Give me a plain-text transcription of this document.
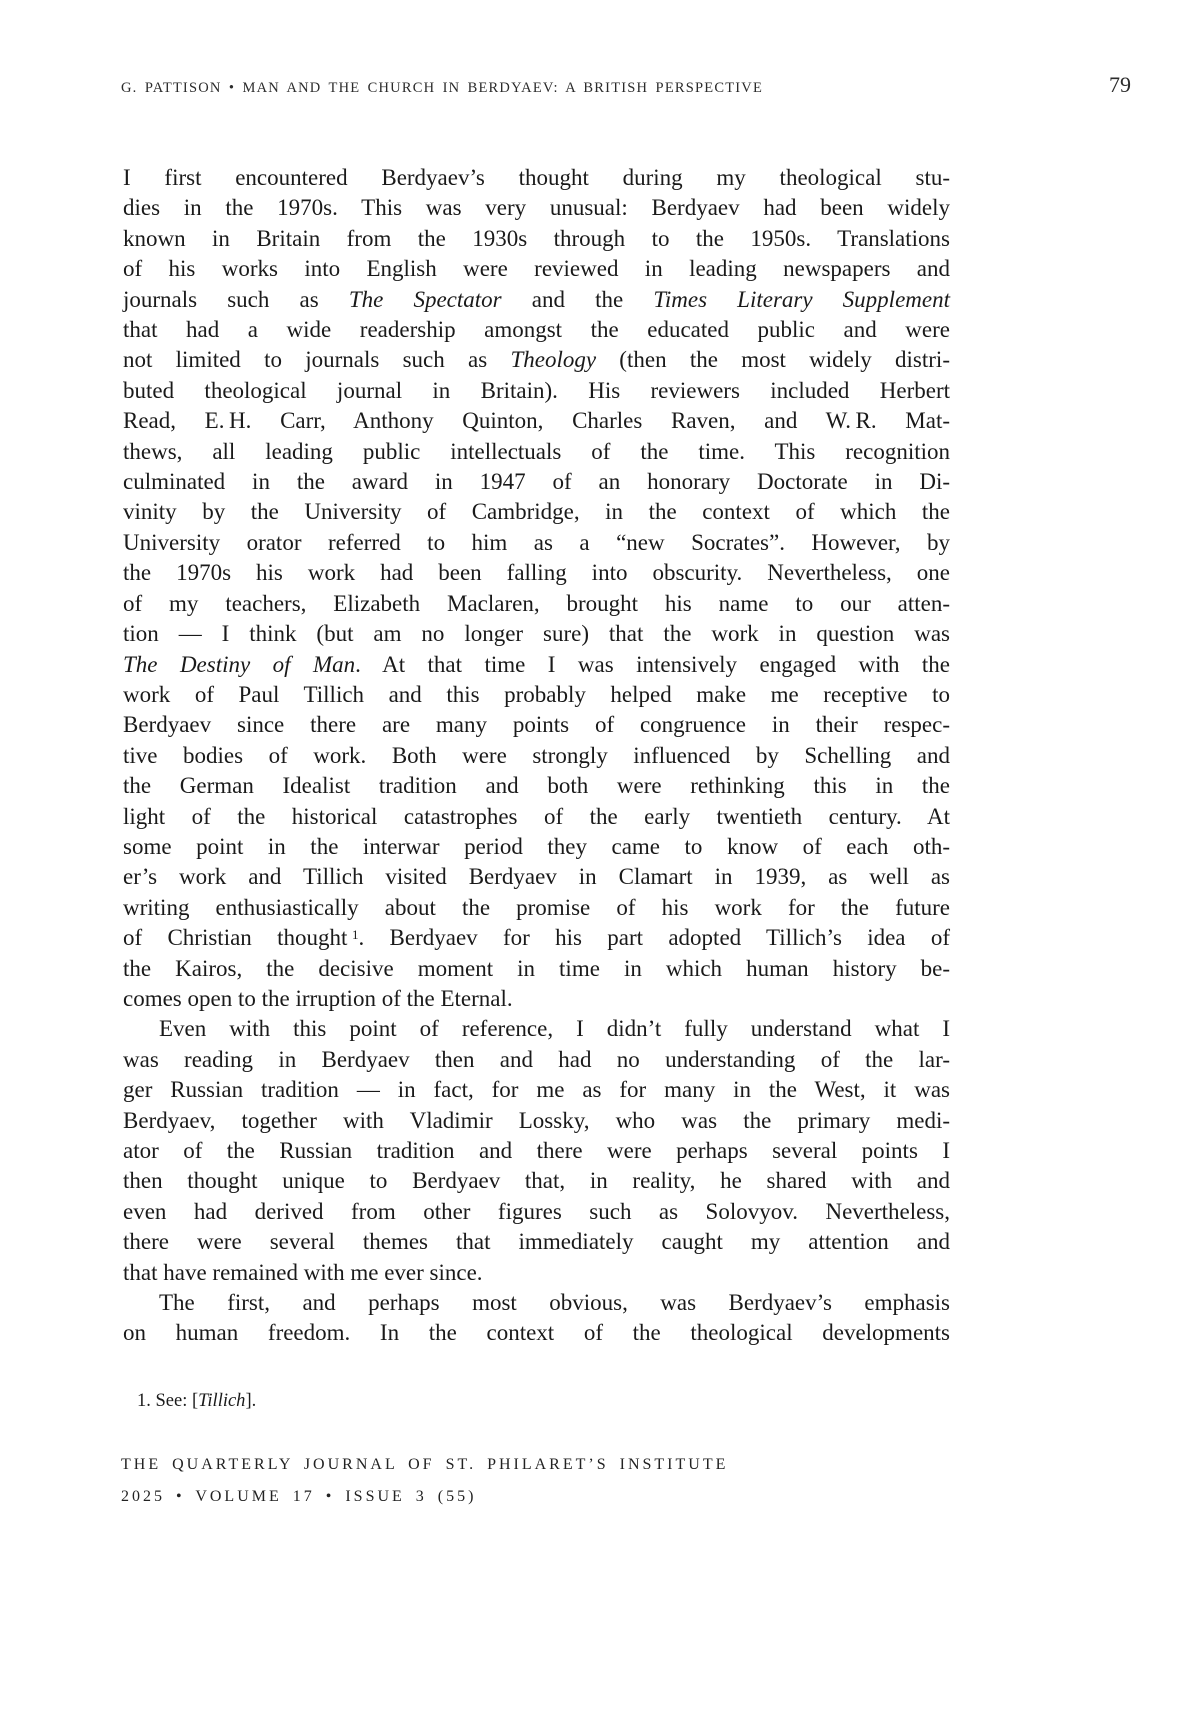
G. PATTISON • MAN AND THE CHURCH IN BERDYAEV: A BRITISH PERSPECTIVE	79
I first encountered Berdyaev’s thought during my theological stu-
dies in the 1970s. This was very unusual: Berdyaev had been widely
known in Britain from the 1930s through to the 1950s. Translations
of his works into English were reviewed in leading newspapers and
journals such as The Spectator and the Times Literary Supplement
that had a wide readership amongst the educated public and were
not limited to journals such as Theology (then the most widely distri-
buted theological journal in Britain). His reviewers included Herbert
Read, E. H. Carr, Anthony Quinton, Charles Raven, and W. R. Mat-
thews, all leading public intellectuals of the time. This recognition
culminated in the award in 1947 of an honorary Doctorate in Di-
vinity by the University of Cambridge, in the context of which the
University orator referred to him as a “new Socrates”. However, by
the 1970s his work had been falling into obscurity. Nevertheless, one
of my teachers, Elizabeth Maclaren, brought his name to our atten-
tion — I think (but am no longer sure) that the work in question was
The Destiny of Man. At that time I was intensively engaged with the
work of Paul Tillich and this probably helped make me receptive to
Berdyaev since there are many points of congruence in their respec-
tive bodies of work. Both were strongly influenced by Schelling and
the German Idealist tradition and both were rethinking this in the
light of the historical catastrophes of the early twentieth century. At
some point in the interwar period they came to know of each oth-
er’s work and Tillich visited Berdyaev in Clamart in 1939, as well as
writing enthusiastically about the promise of his work for the future
of Christian thought $^1$. Berdyaev for his part adopted Tillich’s idea of
the Kairos, the decisive moment in time in which human history be-
comes open to the irruption of the Eternal.
Even with this point of reference, I didn’t fully understand what I
was reading in Berdyaev then and had no understanding of the lar-
ger Russian tradition — in fact, for me as for many in the West, it was
Berdyaev, together with Vladimir Lossky, who was the primary medi-
ator of the Russian tradition and there were perhaps several points I
then thought unique to Berdyaev that, in reality, he shared with and
even had derived from other figures such as Solovyov. Nevertheless,
there were several themes that immediately caught my attention and
that have remained with me ever since.
The first, and perhaps most obvious, was Berdyaev’s emphasis
on human freedom. In the context of the theological developments
1. See: [Tillich].
THE QUARTERLY JOURNAL OF ST. PHILARET’S INSTITUTE
2025 • VOLUME 17 • ISSUE 3 (55)
